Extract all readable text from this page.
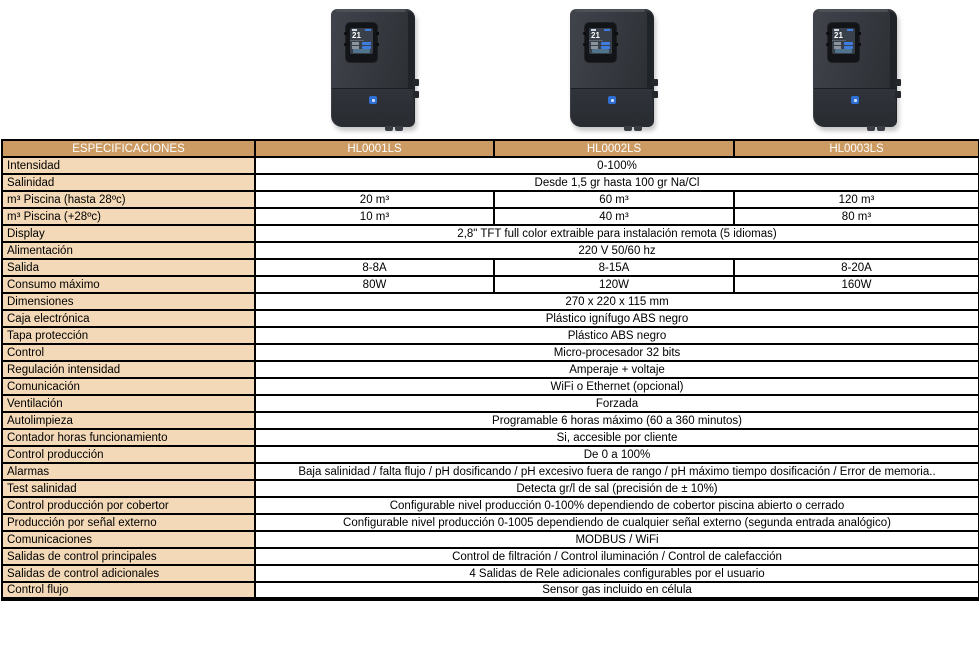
21	21	21
ESPECIFICACIONES	HL0001LS	HL0002LS	HL0003LS
Intensidad	0-100%		
Salinidad	Desde 1,5 gr hasta 100 gr Na/Cl		
m³ Piscina (hasta 28ºc)	20 m³	60 m³	120 m³
m³ Piscina (+28ºc)	10 m³	40 m³	80 m³
Display	2,8" TFT full color extraible para instalación remota (5 idiomas)		
Alimentación	220 V 50/60 hz		
Salida	8-8A	8-15A	8-20A
Consumo máximo	80W	120W	160W
Dimensiones	270 x 220 x 115 mm		
Caja electrónica	Plástico ignífugo ABS negro		
Tapa protección	Plástico ABS negro		
Control	Micro-procesador 32 bits		
Regulación intensidad	Amperaje + voltaje		
Comunicación	WiFi o Ethernet (opcional)		
Ventilación	Forzada		
Autolimpieza	Programable 6 horas máximo (60 a 360 minutos)		
Contador horas funcionamiento	Si, accesible por cliente		
Control producción	De 0 a 100%		
Alarmas	Baja salinidad / falta flujo / pH dosificando / pH excesivo fuera de rango / pH máximo tiempo dosificación / Error de memoria..		
Test salinidad	Detecta gr/l de sal (precisión de ± 10%)		
Control producción por cobertor	Configurable nivel producción 0-100% dependiendo de cobertor piscina abierto o cerrado		
Producción por señal externo	Configurable nivel producción 0-1005 dependiendo de cualquier señal externo (segunda entrada analógico)		
Comunicaciones	MODBUS / WiFi		
Salidas de control principales	Control de filtración / Control iluminación / Control de calefacción		
Salidas de control adicionales	4 Salidas de Rele adicionales configurables por el usuario		
Control flujo	Sensor gas incluido en célula		
